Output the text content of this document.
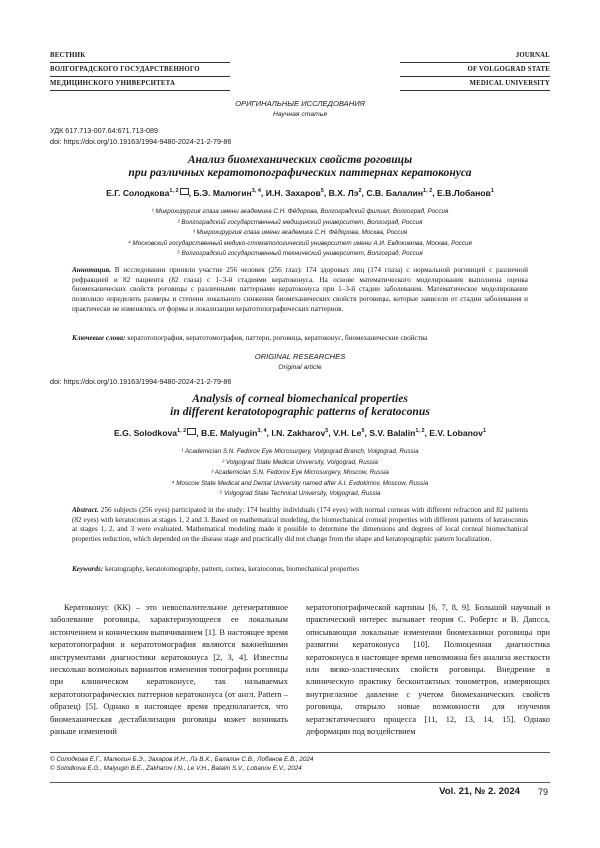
ВЕСТНИК
ВОЛГОГРАДСКОГО ГОСУДАРСТВЕННОГО
МЕДИЦИНСКОГО УНИВЕРСИТЕТА
JOURNAL
OF VOLGOGRAD STATE
MEDICAL UNIVERSITY
ОРИГИНАЛЬНЫЕ ИССЛЕДОВАНИЯ
Научная статья
УДК 617.713-007.64:671.713-089
doi: https://doi.org/10.19163/1994-9480-2024-21-2-79-86
Анализ биомеханических свойств роговицы
при различных кератотопографических паттернах кератоконуса
Е.Г. Солодкова1, 2 , Б.Э. Малюгин3, 4, И.Н. Захаров5, В.Х. Лэ2, С.В. Балалин1, 2, Е.В.Лобанов1
¹ Микрохирургия глаза имени академика С.Н. Фёдорова, Волгоградский филиал, Волгоград, Россия
² Волгоградский государственный медицинский университет, Волгоград, Россия
³ Микрохирургия глаза имени академика С.Н. Фёдорова, Москва, Россия
⁴ Московский государственный медико-стоматологический университет имени А.И. Евдокимова, Москва, Россия
⁵ Волгоградский государственный технический университет, Волгоград, Россия
Аннотация. В исследовании приняли участие 256 человек (256 глаз): 174 здоровых лиц (174 глаза) с нормальной роговицей с различной рефракцией и 82 пациента (82 глаза) с 1–3-й стадиями кератоконуса. На основе математического моделирования выполнена оценка биомеханических свойств роговицы с различными паттернами кератоконуса при 1–3-й стадии заболевания. Математическое моделирование позволило определить размеры и степени локального снижения биомеханических свойств роговицы, которые зависели от стадии заболевания и практически не изменялись от формы и локализации кератотопографических паттернов.
Ключевые слова: кератотопография, кератотомография, паттерн, роговица, кератоконус, биомеханические свойства
ORIGINAL RESEARCHES
Original article
doi: https://doi.org/10.19163/1994-9480-2024-21-2-79-86
Analysis of corneal biomechanical properties
in different keratotopographic patterns of keratoconus
E.G. Solodkova1, 2 , B.E. Malyugin3, 4, I.N. Zakharov5, V.H. Le5, S.V. Balalin1, 2, E.V. Lobanov1
¹ Academician S.N. Fedorov Eye Microsurgery, Volgograd Branch, Volgograd, Russia
² Volgograd State Medical University, Volgograd, Russia
³ Academician S.N. Fedorov Eye Microsurgery, Moscow, Russia
⁴ Moscow State Medical and Dental University named after A.I. Evdokimov, Moscow, Russia
⁵ Volgograd State Technical University, Volgograd, Russia
Abstract. 256 subjects (256 eyes) participated in the study: 174 healthy individuals (174 eyes) with normal corneas with different refraction and 82 patients (82 eyes) with keratoconus at stages 1, 2 and 3. Based on mathematical modeling, the biomechanical corneal properties with different patterns of keratoconus at stages 1, 2, and 3 were evaluated. Mathematical modeling made it possible to determine the dimensions and degrees of local corneal biomechanical properties reduction, which depended on the disease stage and practically did not change from the shape and keratopographic pattern localization.
Keywords: keratography, keratotomography, pattern, cornea, keratoconus, biomechanical properties
Кератоконус (КК) – это невоспалительное дегенеративное заболевание роговицы, характеризующееся ее локальным истончением и коническим выпячиванием [1]. В настоящее время кератотопография и кератотомография являются важнейшими инструментами диагностики кератоконуса [2, 3, 4]. Известны несколько возможных вариантов изменения топографии роговицы при клиническом кератоконусе, так называемых кератотопографических паттернов кератоконуса (от англ. Pattern – образец) [5]. Однако в настоящее время предполагается, что биомеханическая дестабилизация роговицы может возникать раньше изменений
кератотопографической картины [6, 7, 8, 9]. Большой научный и практический интерес вызывает теория С. Робертс и В. Дапсса, описывающая локальные изменении биомеханики роговицы при развитии кератоконуса [10]. Полноценная диагностика кератоконуса в настоящее время невозможна без анализа жесткости или вязко-эластических свойств роговицы. Внедрение в клиническую практику бесконтактных тонометров, измеряющих внутриглазное давление с учетом биомеханических свойств роговицы, открыло новые возможности для изучения кератэктатического процесса [11, 12, 13, 14, 15]. Однако деформации под воздействием
© Солодкова Е.Г., Малюгин Б.Э., Захаров И.Н., Лэ В.Х., Балалин С.В., Лобанов Е.В., 2024
© Solodkova E.G., Malyugin B.E., Zakharov I.N., Le V.H., Balalin S.V., Lobanov E.V., 2024
Vol. 21, № 2. 2024 79
